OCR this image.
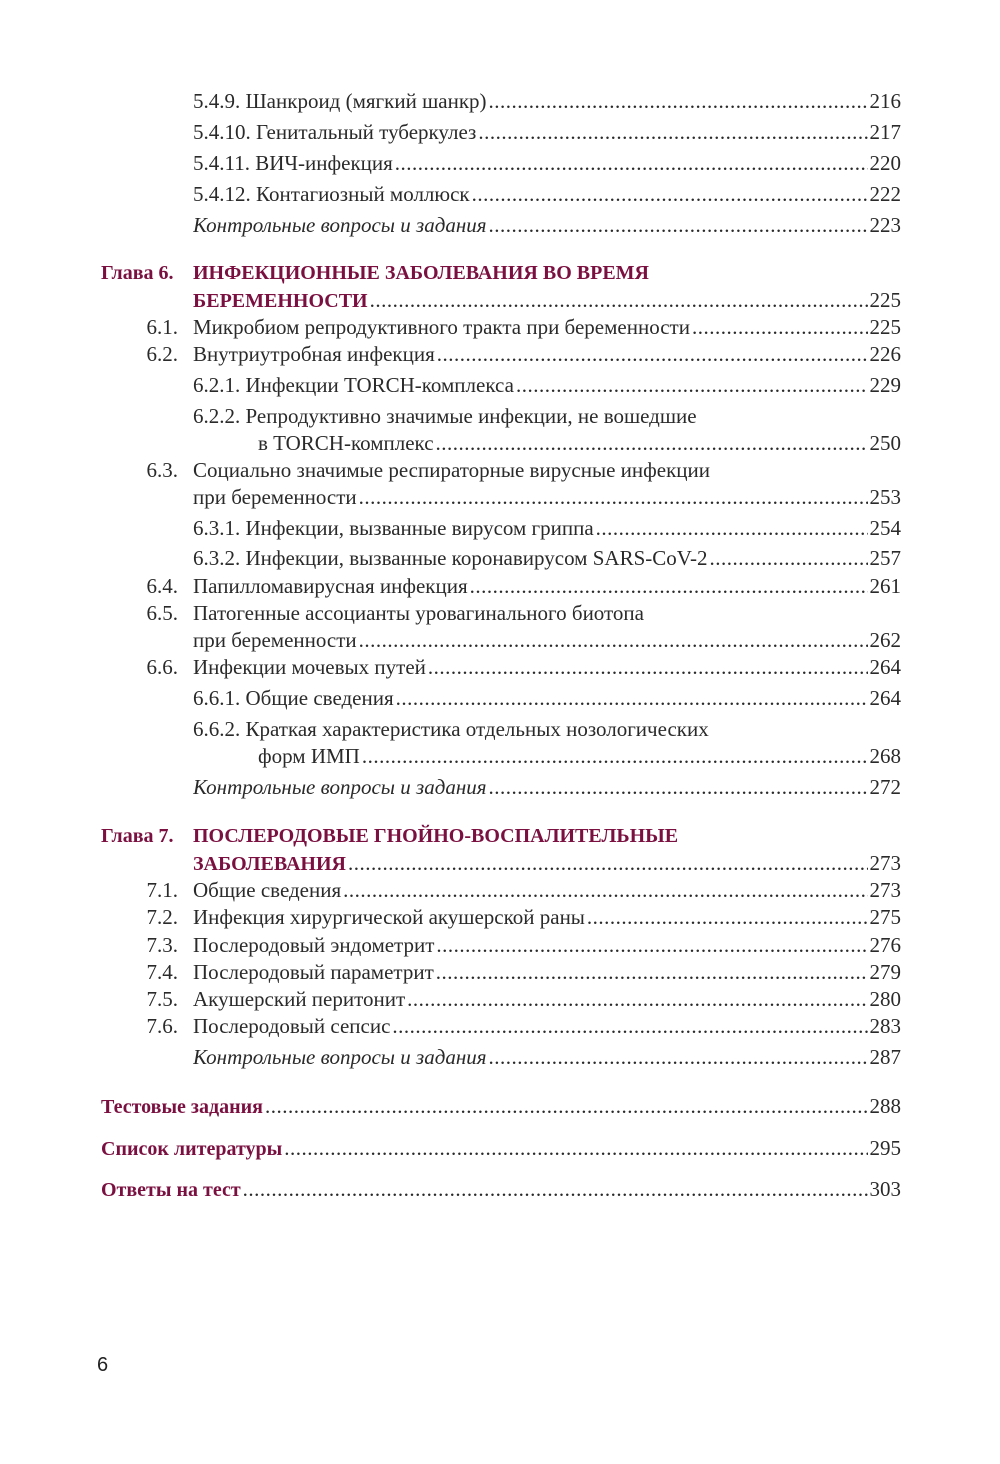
5.4.9. Шанкроид (мягкий шанкр) .....	216
5.4.10. Генитальный туберкулез .....	217
5.4.11. ВИЧ-инфекция .....	220
5.4.12. Контагиозный моллюск .....	222
Контрольные вопросы и задания .....	223
Глава 6. ИНФЕКЦИОННЫЕ ЗАБОЛЕВАНИЯ ВО ВРЕМЯ
БЕРЕМЕННОСТИ .....	225
6.1. Микробиом репродуктивного тракта при беременности .....	225
6.2. Внутриутробная инфекция .....	226
6.2.1. Инфекции TORCH-комплекса .....	229
6.2.2. Репродуктивно значимые инфекции, не вошедшие
в TORCH-комплекс .....	250
6.3. Социально значимые респираторные вирусные инфекции
при беременности .....	253
6.3.1. Инфекции, вызванные вирусом гриппа .....	254
6.3.2. Инфекции, вызванные коронавирусом SARS-CoV-2 .....	257
6.4. Папилломавирусная инфекция .....	261
6.5. Патогенные ассоцианты уровагинального биотопа
при беременности .....	262
6.6. Инфекции мочевых путей .....	264
6.6.1. Общие сведения .....	264
6.6.2. Краткая характеристика отдельных нозологических
форм ИМП .....	268
Контрольные вопросы и задания .....	272
Глава 7. ПОСЛЕРОДОВЫЕ ГНОЙНО-ВОСПАЛИТЕЛЬНЫЕ
ЗАБОЛЕВАНИЯ .....	273
7.1. Общие сведения .....	273
7.2. Инфекция хирургической акушерской раны .....	275
7.3. Послеродовый эндометрит .....	276
7.4. Послеродовый параметрит .....	279
7.5. Акушерский перитонит .....	280
7.6. Послеродовый сепсис .....	283
Контрольные вопросы и задания .....	287
Тестовые задания .....	288
Список литературы .....	295
Ответы на тест .....	303
6
